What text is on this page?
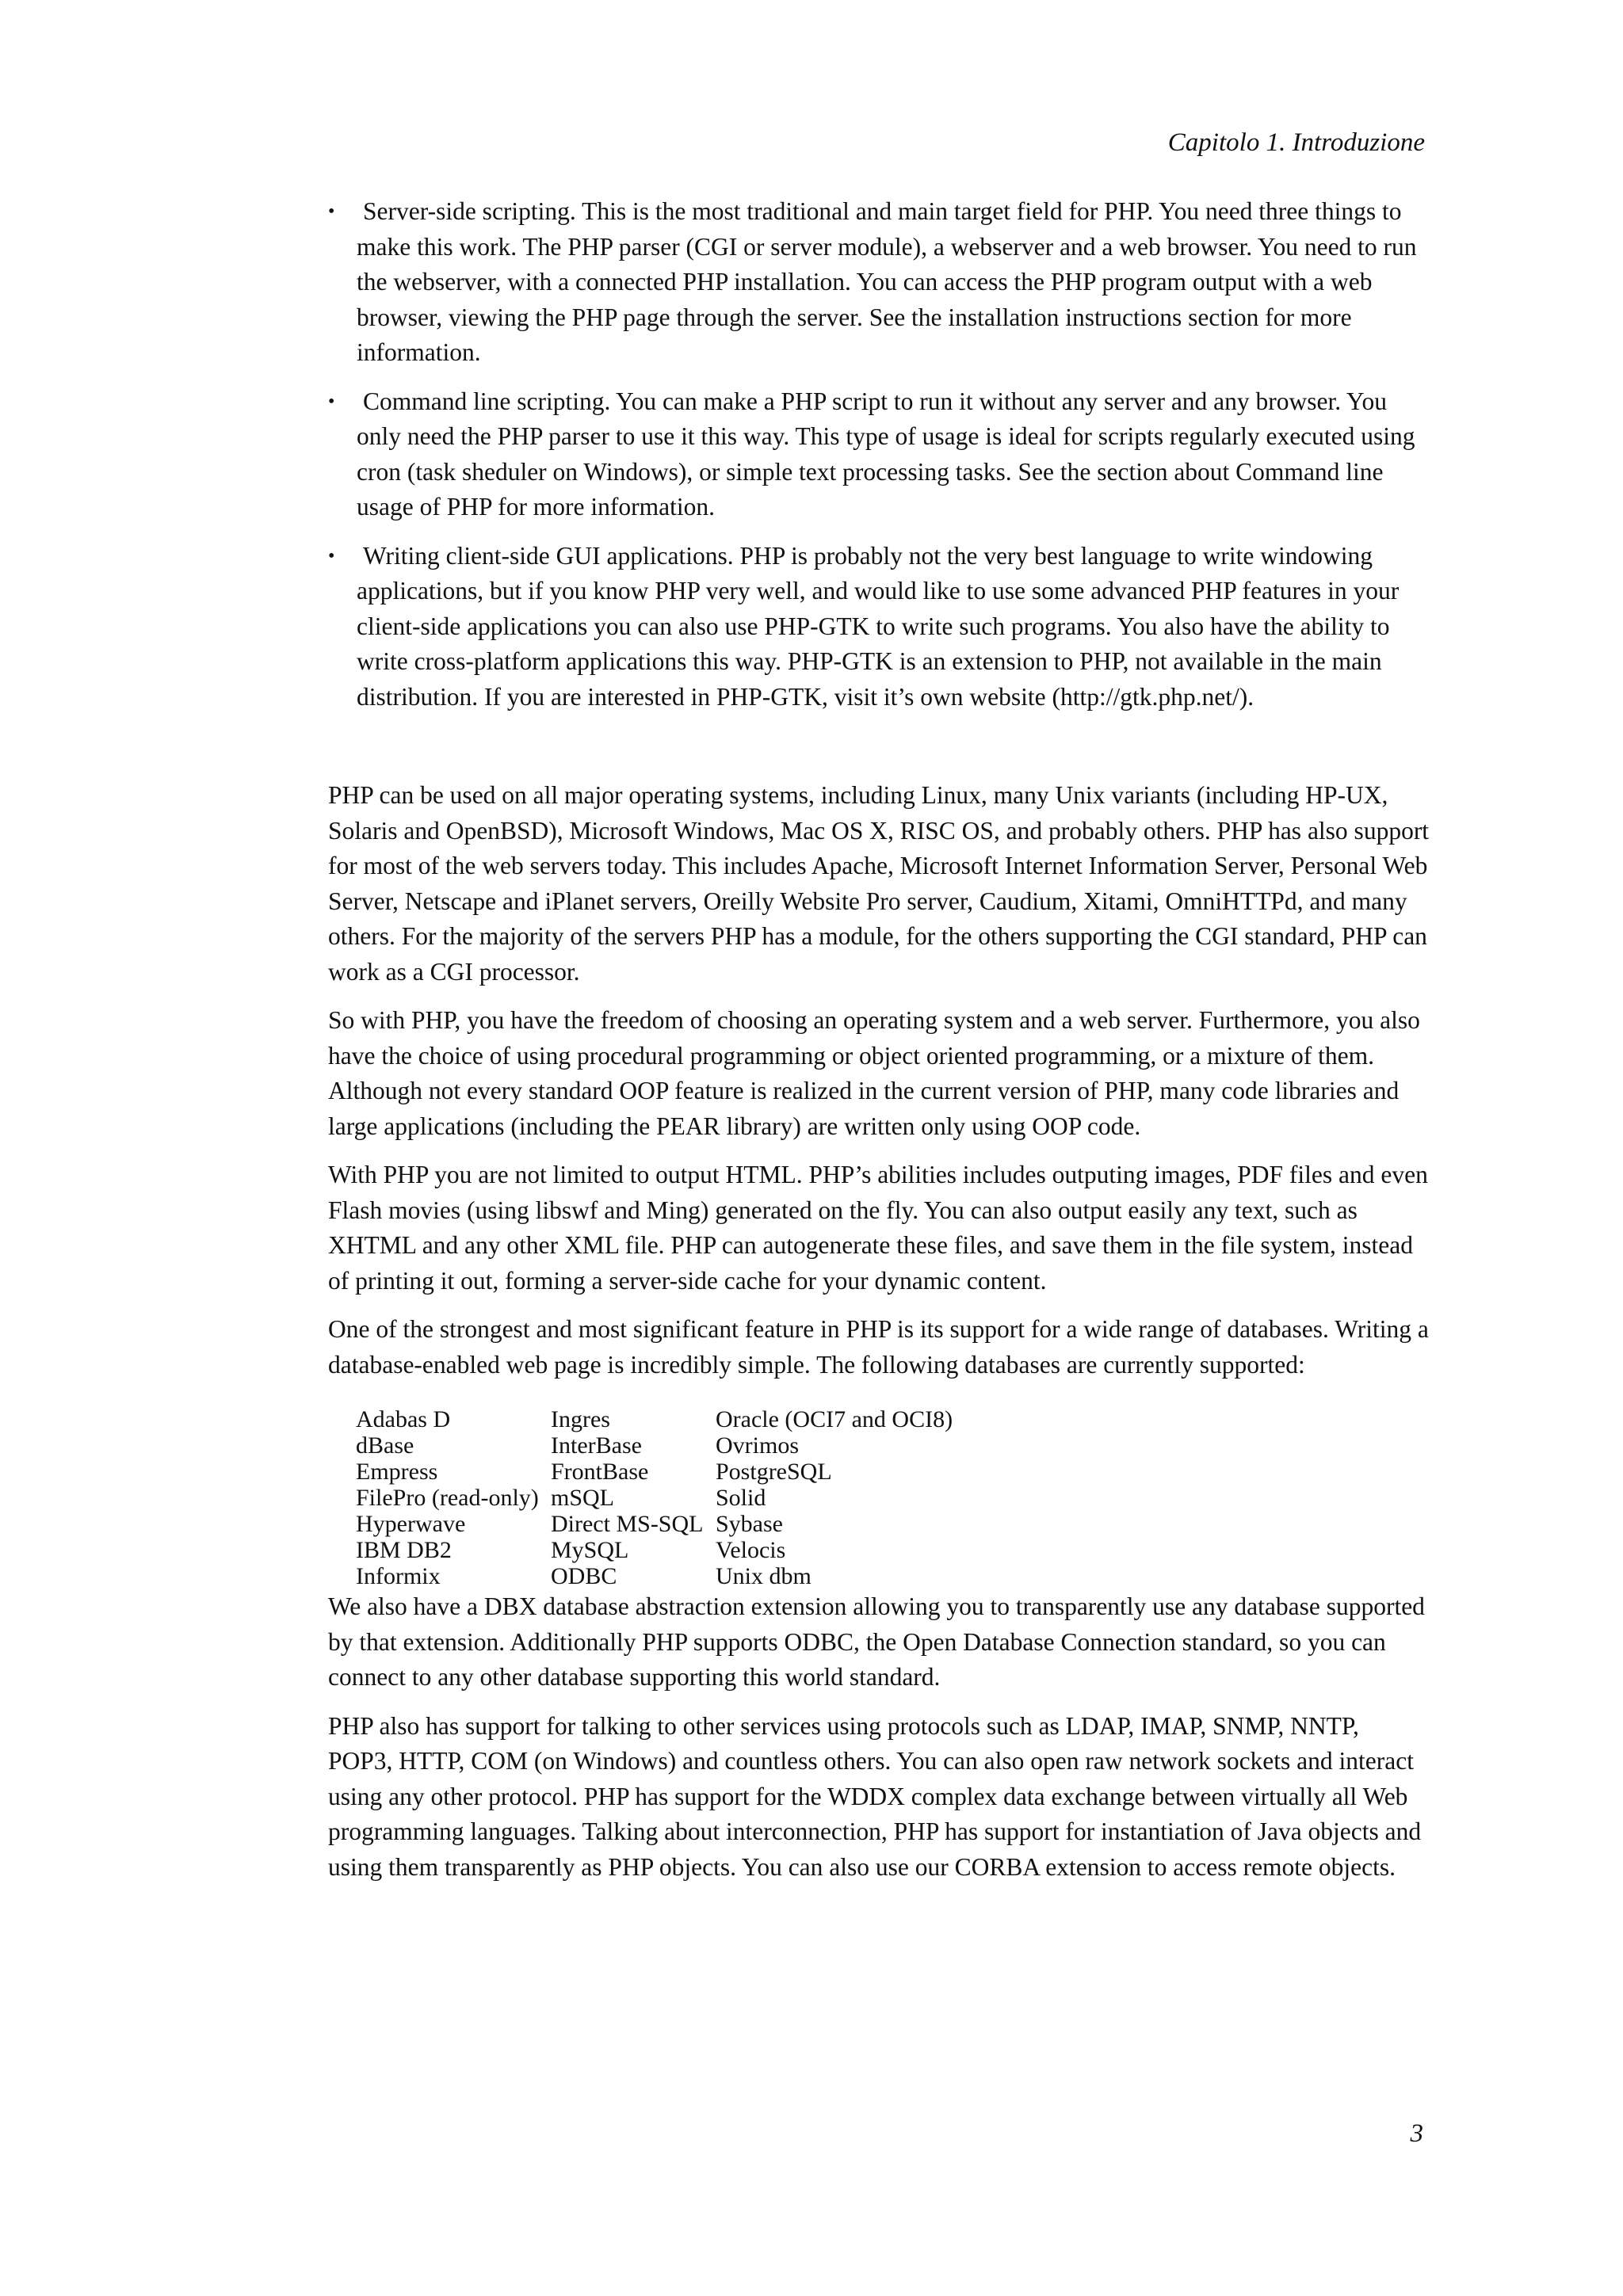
Capitolo 1. Introduzione
• Server-side scripting. This is the most traditional and main target field for PHP. You need three things to make this work. The PHP parser (CGI or server module), a webserver and a web browser. You need to run the webserver, with a connected PHP installation. You can access the PHP program output with a web browser, viewing the PHP page through the server. See the installation instructions section for more information.
• Command line scripting. You can make a PHP script to run it without any server and any browser. You only need the PHP parser to use it this way. This type of usage is ideal for scripts regularly executed using cron (task sheduler on Windows), or simple text processing tasks. See the section about Command line usage of PHP for more information.
• Writing client-side GUI applications. PHP is probably not the very best language to write windowing applications, but if you know PHP very well, and would like to use some advanced PHP features in your client-side applications you can also use PHP-GTK to write such programs. You also have the ability to write cross-platform applications this way. PHP-GTK is an extension to PHP, not available in the main distribution. If you are interested in PHP-GTK, visit it’s own website (http://gtk.php.net/).

PHP can be used on all major operating systems, including Linux, many Unix variants (including HP-UX, Solaris and OpenBSD), Microsoft Windows, Mac OS X, RISC OS, and probably others. PHP has also support for most of the web servers today. This includes Apache, Microsoft Internet Information Server, Personal Web Server, Netscape and iPlanet servers, Oreilly Website Pro server, Caudium, Xitami, OmniHTTPd, and many others. For the majority of the servers PHP has a module, for the others supporting the CGI standard, PHP can work as a CGI processor.

So with PHP, you have the freedom of choosing an operating system and a web server. Furthermore, you also have the choice of using procedural programming or object oriented programming, or a mixture of them. Although not every standard OOP feature is realized in the current version of PHP, many code libraries and large applications (including the PEAR library) are written only using OOP code.

With PHP you are not limited to output HTML. PHP’s abilities includes outputing images, PDF files and even Flash movies (using libswf and Ming) generated on the fly. You can also output easily any text, such as XHTML and any other XML file. PHP can autogenerate these files, and save them in the file system, instead of printing it out, forming a server-side cache for your dynamic content.

One of the strongest and most significant feature in PHP is its support for a wide range of databases. Writing a database-enabled web page is incredibly simple. The following databases are currently supported:

Adabas D	Ingres	Oracle (OCI7 and OCI8)
dBase	InterBase	Ovrimos
Empress	FrontBase	PostgreSQL
FilePro (read-only)	mSQL	Solid
Hyperwave	Direct MS-SQL	Sybase
IBM DB2	MySQL	Velocis
Informix	ODBC	Unix dbm

We also have a DBX database abstraction extension allowing you to transparently use any database supported by that extension. Additionally PHP supports ODBC, the Open Database Connection standard, so you can connect to any other database supporting this world standard.

PHP also has support for talking to other services using protocols such as LDAP, IMAP, SNMP, NNTP, POP3, HTTP, COM (on Windows) and countless others. You can also open raw network sockets and interact using any other protocol. PHP has support for the WDDX complex data exchange between virtually all Web programming languages. Talking about interconnection, PHP has support for instantiation of Java objects and using them transparently as PHP objects. You can also use our CORBA extension to access remote objects.

3
